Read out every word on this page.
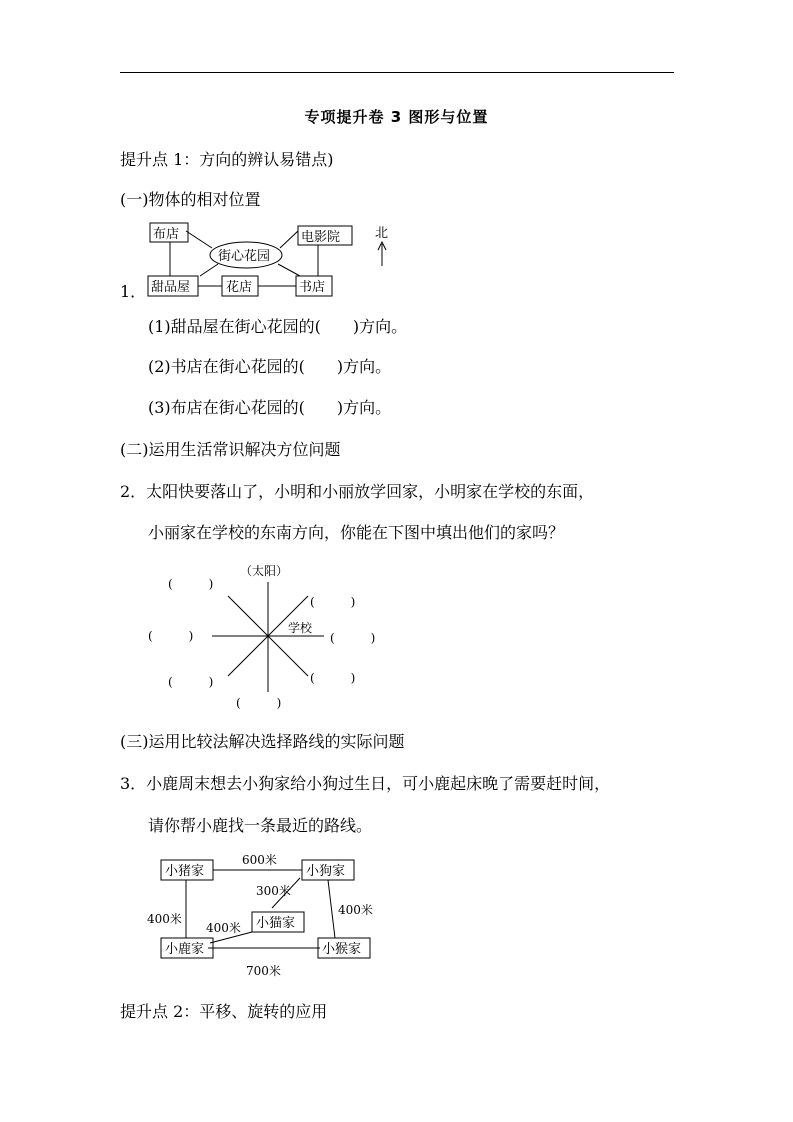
专项提升卷 3 图形与位置
提升点 1：方向的辨认易错点)
(一)物体的相对位置
布店
街心花园
电影院
甜品屋	花店	书店
北
1．
(1)甜品屋在街心花园的(　　)方向。
(2)书店在街心花园的(　　)方向。
(3)布店在街心花园的(　　)方向。
(二)运用生活常识解决方位问题
2．太阳快要落山了，小明和小丽放学回家，小明家在学校的东面，
小丽家在学校的东南方向，你能在下图中填出他们的家吗？
（太阳）
学校
(　　　)
(　　　)
(　　　)	(　　　)
(　　　)	(　　　)
(　　　)
(三)运用比较法解决选择路线的实际问题
3．小鹿周末想去小狗家给小狗过生日，可小鹿起床晚了需要赶时间，
请你帮小鹿找一条最近的路线。
小猪家	小狗家
小猫家
小鹿家	小猴家
600米
300米
400米
400米
400米
700米
提升点 2：平移、旋转的应用
